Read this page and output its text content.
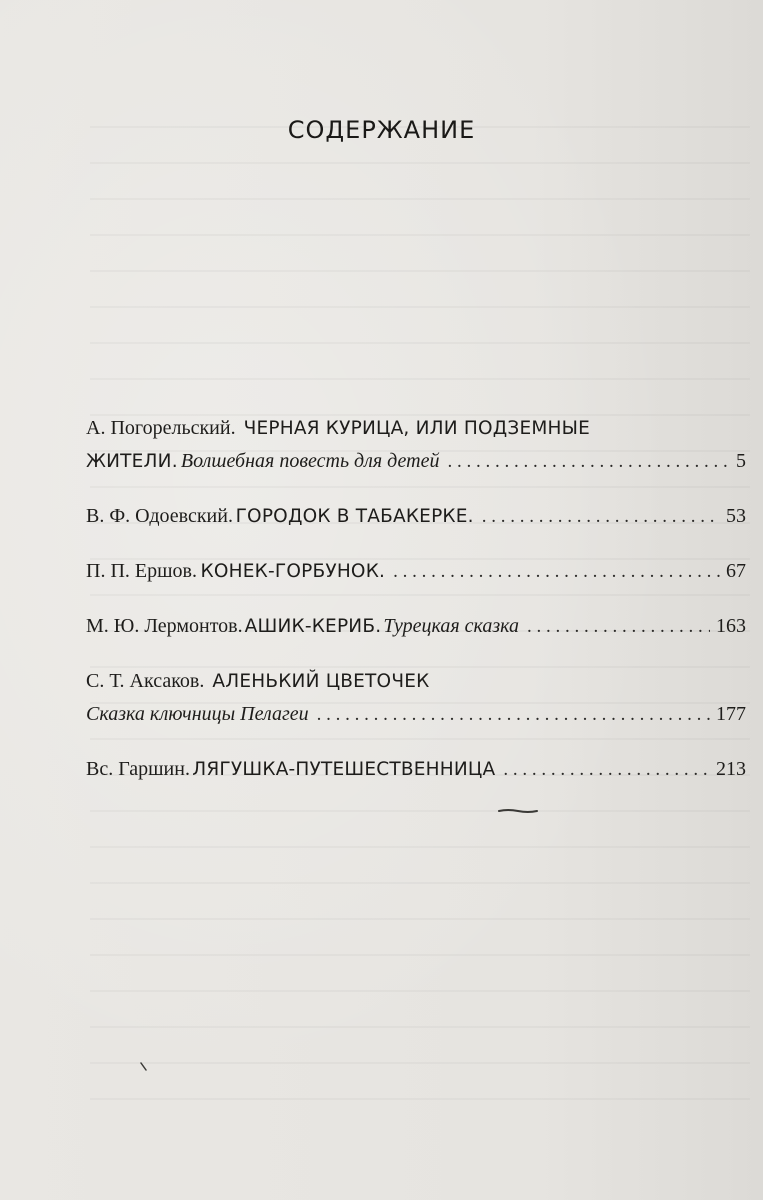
СОДЕРЖАНИЕ
А. Погорельский. ЧЕРНАЯ КУРИЦА, ИЛИ ПОДЗЕМНЫЕ
ЖИТЕЛИ. Волшебная повесть для детей . . .	5
В. Ф. Одоевский. ГОРОДОК В ТАБАКЕРКЕ. . . .	53
П. П. Ершов. КОНЕК-ГОРБУНОК. . . .	67
М. Ю. Лермонтов. АШИК-КЕРИБ. Турецкая сказка . . .	163
С. Т. Аксаков. АЛЕНЬКИЙ ЦВЕТОЧЕК
Сказка ключницы Пелагеи . . .	177
Вс. Гаршин. ЛЯГУШКА-ПУТЕШЕСТВЕННИЦА . . .	213
